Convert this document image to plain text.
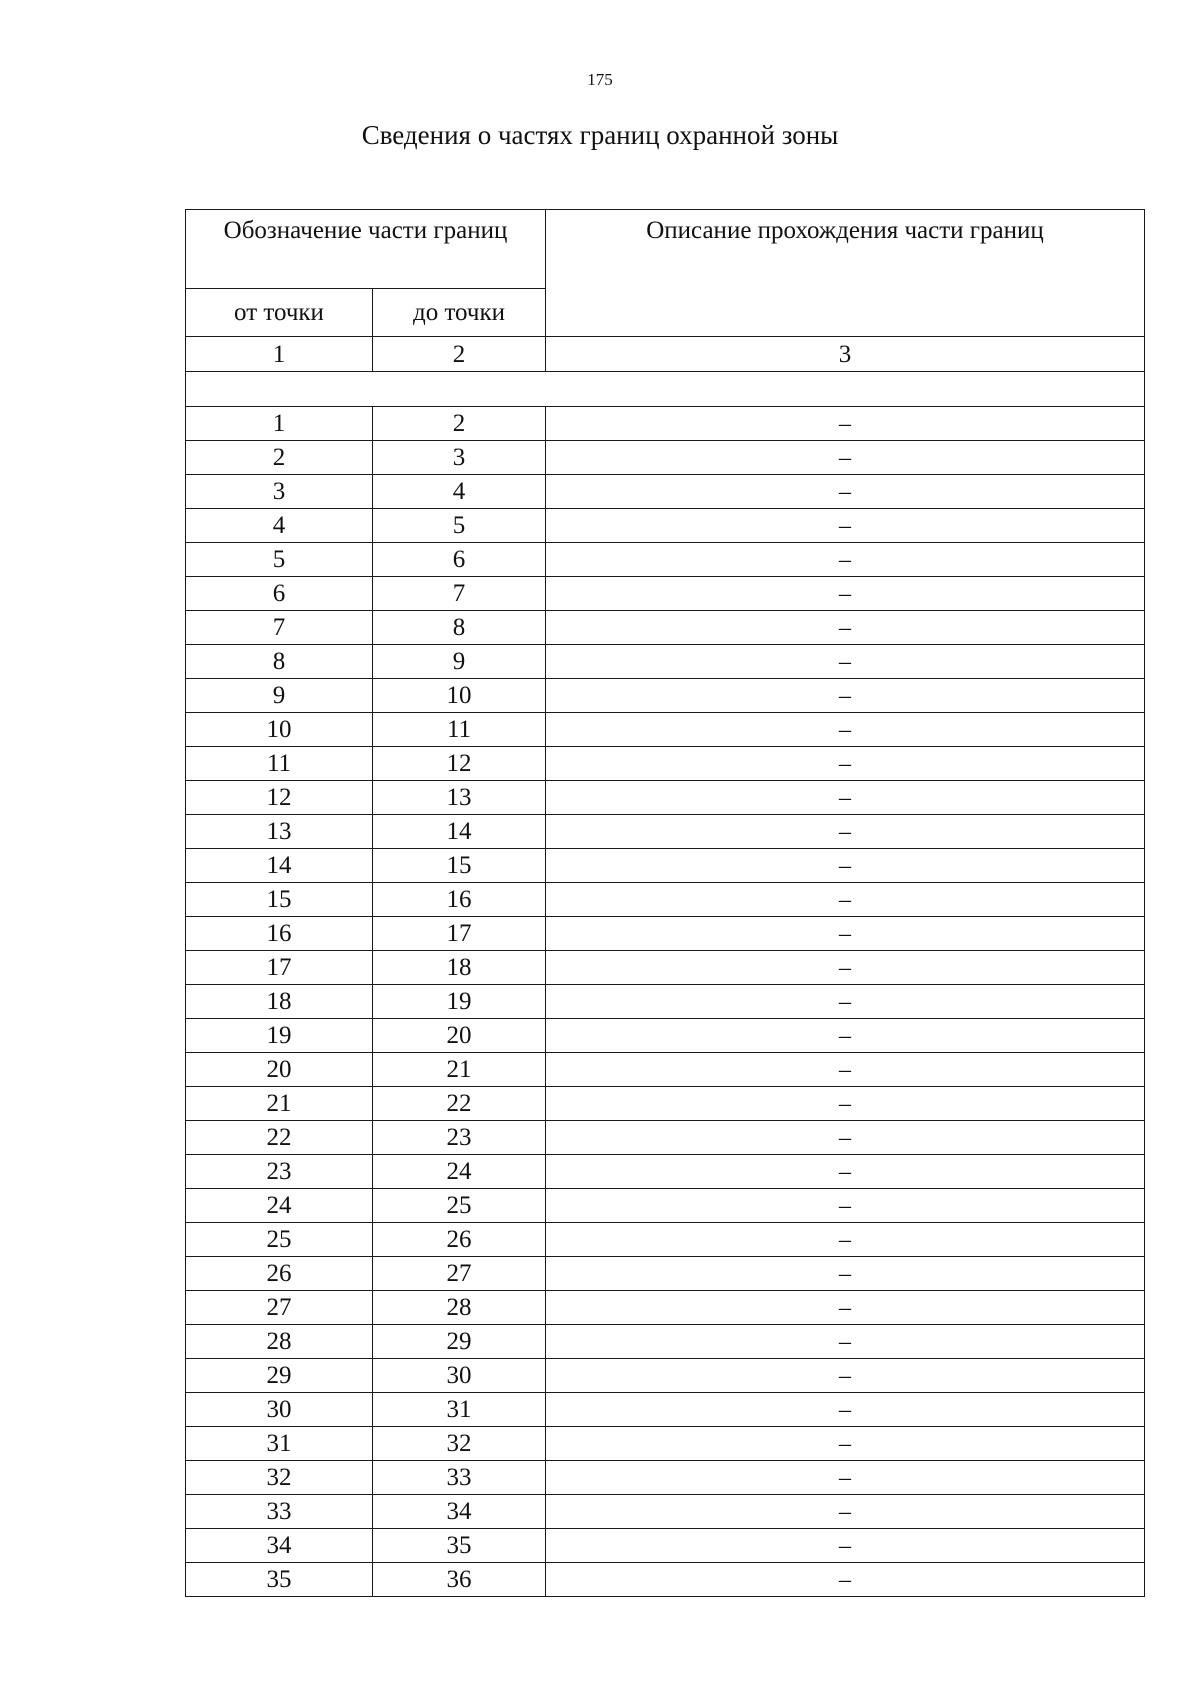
175
Сведения о частях границ охранной зоны
Обозначение части границ		Описание прохождения части границ
от точки	до точки	
1	2	3

1	2	–
2	3	–
3	4	–
4	5	–
5	6	–
6	7	–
7	8	–
8	9	–
9	10	–
10	11	–
11	12	–
12	13	–
13	14	–
14	15	–
15	16	–
16	17	–
17	18	–
18	19	–
19	20	–
20	21	–
21	22	–
22	23	–
23	24	–
24	25	–
25	26	–
26	27	–
27	28	–
28	29	–
29	30	–
30	31	–
31	32	–
32	33	–
33	34	–
34	35	–
35	36	–
